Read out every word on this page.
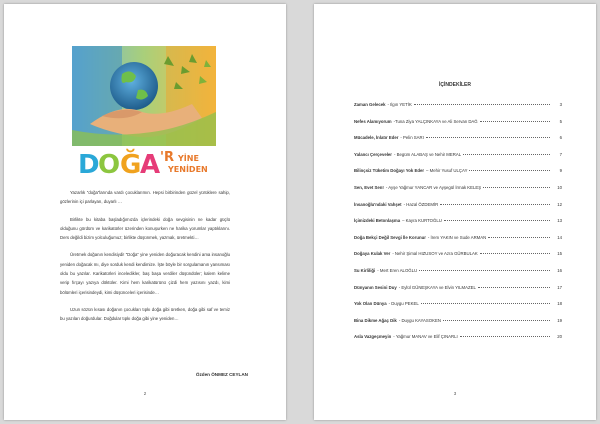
D
O Ğ
A 'R YİNE
YENİDEN

Yazarlık “doğa”larında vardı çocuklarımın. Hepsi birbirinden güzel yürüklere sahip, gözlerinin içi parlayan, duyarlı …

Birlikte bu kitaba başladığımızda içlerindeki doğa sevgisinin ne kadar güçlü olduğunu gördüm ve karikatürler üzerinden konuşurken ne harika yorumlar yaptıklarını. Ders değildi bizim yolculuğumuz; birlikte düşünmek, yazmak, üretmekti…

Üretmek doğanın kendisiydi! “Doğa” yine yeniden doğuracak kendini ama insanoğlu yeniden doğacak mı, diye sorduk kendi kendimize. İşte böyle bir sorgulamanın yansıması oldu bu yazılar. Karikatürleri inceledikler, baş başa verdiler düşündüler; kalem kelime verip fırçayı yazıya döktüler. Kimi hem karikatürünü çizdi hem yazısını yazdı, kimi bölümleri içerisindeydi, kimi düşünceleri içerisinde…

Uzun sözün kısası doğanın çocukları tıpkı doğa gibi üretken, doğa gibi saf ve temiz bu yazıları doğurdular. Doğdular tıpkı doğa gibi yine yeniden…

Özden ÖNMEZ CEYLAN
2
İÇİNDEKİLER
Zaman Gelecek - Ilgın YETİK	3
Nefes Alamıyorum -Tuna Ziya YALÇINKAYA ve Ali Servan DAĞ	5
Mücadele, İnlatır Eder - Pelin SARI	6
Yalancı Çerçeveler - Begüm ALABAŞ ve Nehir MERAL	7
Bilinçsiz Tüketim Doğayı Yok Eder – Mehir Yusuf ULÇAY	9
Sen, Evet Sen! - Ayşe Yağmur YANCAR ve Ayşegül İrmak KELEŞ	10
İnsanoğlu'ndaki Vahşet - Hazal ÖZDEMİR	12
İçimizdeki Betonlaşma – Kayra KURTOĞLU	13
Doğa Bekçi Değil Sevgi İle Korunur - İrem YAKIN ve Sude ARMAN	14
Doğaya Kulak Ver - Nehir Şimal HIZUSOY ve Azra GÜRBULAK	15
Su Kirliliği - Mert Eren ALOĞLU	16
Dünyanın Sesini Duy - Eylül GÜNEŞKAYA ve Elvin YILMAZEL	17
Yok Olan Dünya - Duygu PEKEL	18
Bina Dikme Ağaç Dik - Duygu KAYASOKEN	19
Asla Vazgeçmeyin - Yağmur MANAV ve Elif ÇINARLI	20
3
